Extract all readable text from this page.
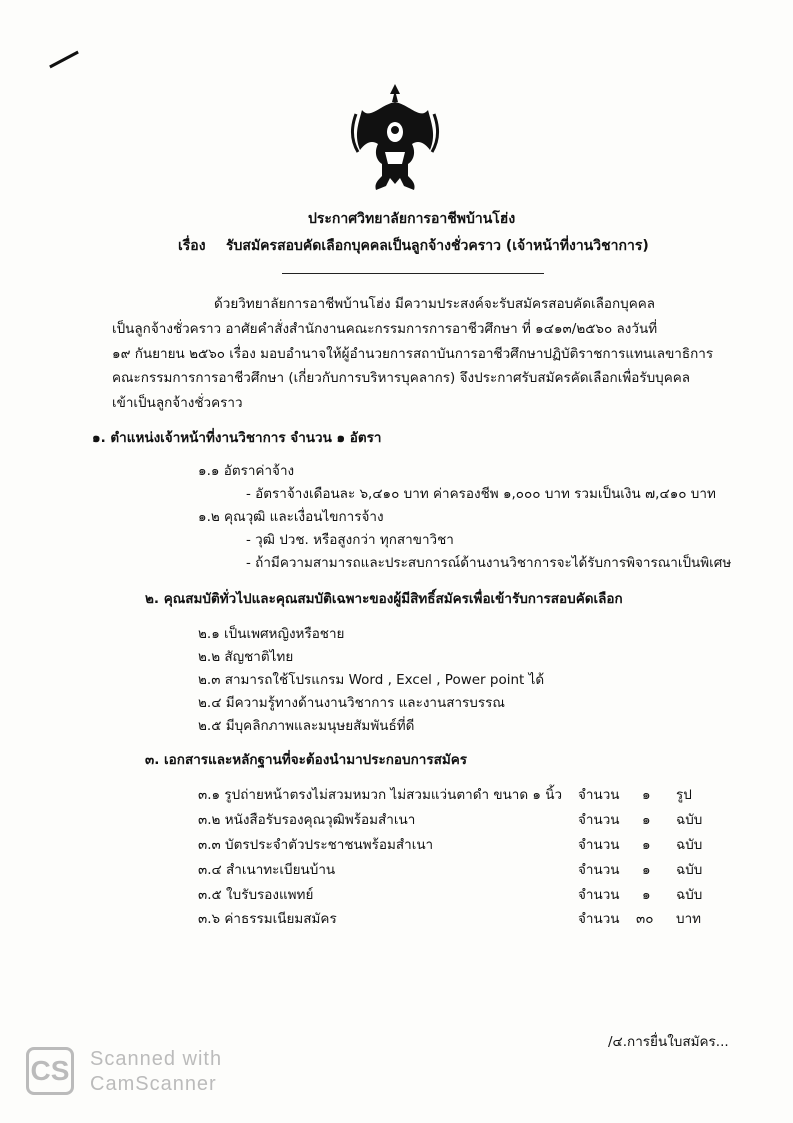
ประกาศวิทยาลัยการอาชีพบ้านโฮ่ง
เรื่อง รับสมัครสอบคัดเลือกบุคคลเป็นลูกจ้างชั่วคราว (เจ้าหน้าที่งานวิชาการ)
ด้วยวิทยาลัยการอาชีพบ้านโฮ่ง มีความประสงค์จะรับสมัครสอบคัดเลือกบุคคล
เป็นลูกจ้างชั่วคราว อาศัยคำสั่งสำนักงานคณะกรรมการการอาชีวศึกษา ที่ ๑๔๑๓/๒๕๖๐ ลงวันที่
๑๙ กันยายน ๒๕๖๐ เรื่อง มอบอำนาจให้ผู้อำนวยการสถาบันการอาชีวศึกษาปฏิบัติราชการแทนเลขาธิการ
คณะกรรมการการอาชีวศึกษา (เกี่ยวกับการบริหารบุคลากร) จึงประกาศรับสมัครคัดเลือกเพื่อรับบุคคล
เข้าเป็นลูกจ้างชั่วคราว
๑. ตำแหน่งเจ้าหน้าที่งานวิชาการ จำนวน ๑ อัตรา
๑.๑ อัตราค่าจ้าง
- อัตราจ้างเดือนละ ๖,๔๑๐ บาท ค่าครองชีพ ๑,๐๐๐ บาท รวมเป็นเงิน ๗,๔๑๐ บาท
๑.๒ คุณวุฒิ และเงื่อนไขการจ้าง
- วุฒิ ปวช. หรือสูงกว่า ทุกสาขาวิชา
- ถ้ามีความสามารถและประสบการณ์ด้านงานวิชาการจะได้รับการพิจารณาเป็นพิเศษ
๒. คุณสมบัติทั่วไปและคุณสมบัติเฉพาะของผู้มีสิทธิ์สมัครเพื่อเข้ารับการสอบคัดเลือก
๒.๑ เป็นเพศหญิงหรือชาย
๒.๒ สัญชาติไทย
๒.๓ สามารถใช้โปรแกรม Word , Excel , Power point ได้
๒.๔ มีความรู้ทางด้านงานวิชาการ และงานสารบรรณ
๒.๕ มีบุคลิกภาพและมนุษยสัมพันธ์ที่ดี
๓. เอกสารและหลักฐานที่จะต้องนำมาประกอบการสมัคร
๓.๑ รูปถ่ายหน้าตรงไม่สวมหมวก ไม่สวมแว่นตาดำ ขนาด ๑ นิ้ว จำนวน ๑ รูป
๓.๒ หนังสือรับรองคุณวุฒิพร้อมสำเนา	จำนวน ๑ ฉบับ
๓.๓ บัตรประจำตัวประชาชนพร้อมสำเนา	จำนวน ๑ ฉบับ
๓.๔ สำเนาทะเบียนบ้าน	จำนวน ๑ ฉบับ
๓.๕ ใบรับรองแพทย์	จำนวน ๑ ฉบับ
๓.๖ ค่าธรรมเนียมสมัคร	จำนวน ๓๐ บาท
/๔.การยื่นใบสมัคร...
CS Scanned with
CamScanner
